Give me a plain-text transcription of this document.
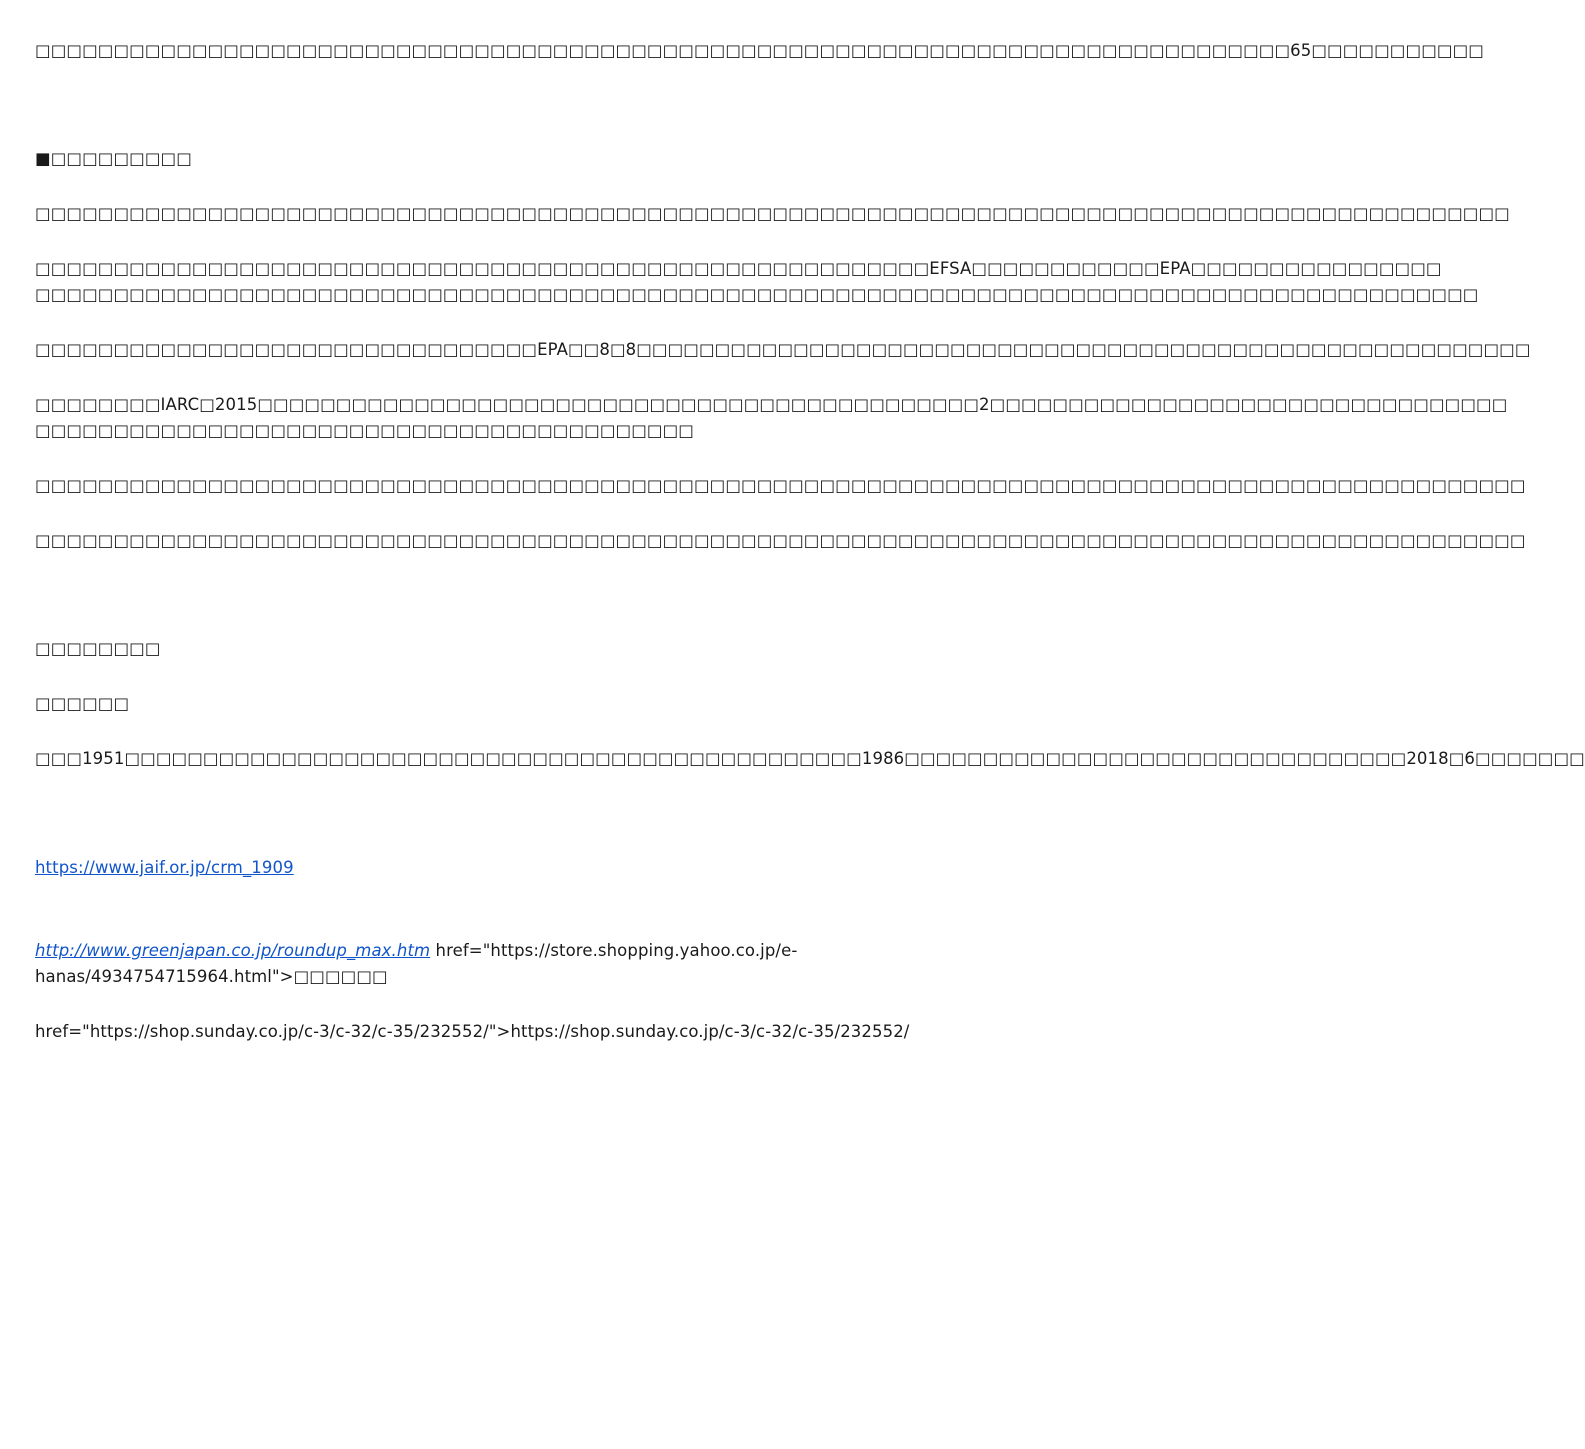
□□□□□□□□□□□□□□□□□□□□□□□□□□□□□□□□□□□□□□□□□□□□□□□□□□□□□□□□□□□□□□□□□□□□□□□□□□□□□□□□65□□□□□□□□□□□
■□□□□□□□□□
□□□□□□□□□□□□□□□□□□□□□□□□□□□□□□□□□□□□□□□□□□□□□□□□□□□□□□□□□□□□□□□□□□□□□□□□□□□□□□□□□□□□□□□□□□□□□□
□□□□□□□□□□□□□□□□□□□□□□□□□□□□□□□□□□□□□□□□□□□□□□□□□□□□□□□□□EFSA□□□□□□□□□□□□EPA□□□□□□□□□□□□□□□□
□□□□□□□□□□□□□□□□□□□□□□□□□□□□□□□□□□□□□□□□□□□□□□□□□□□□□□□□□□□□□□□□□□□□□□□□□□□□□□□□□□□□□□□□□□□□
□□□□□□□□□□□□□□□□□□□□□□□□□□□□□□□□EPA□□8□8□□□□□□□□□□□□□□□□□□□□□□□□□□□□□□□□□□□□□□□□□□□□□□□□□□□□□□□□□
□□□□□□□□IARC□2015□□□□□□□□□□□□□□□□□□□□□□□□□□□□□□□□□□□□□□□□□□□□□□2□□□□□□□□□□□□□□□□□□□□□□□□□□□□□□□□□
□□□□□□□□□□□□□□□□□□□□□□□□□□□□□□□□□□□□□□□□□□
□□□□□□□□□□□□□□□□□□□□□□□□□□□□□□□□□□□□□□□□□□□□□□□□□□□□□□□□□□□□□□□□□□□□□□□□□□□□□□□□□□□□□□□□□□□□□□□
□□□□□□□□□□□□□□□□□□□□□□□□□□□□□□□□□□□□□□□□□□□□□□□□□□□□□□□□□□□□□□□□□□□□□□□□□□□□□□□□□□□□□□□□□□□□□□□
□□□□□□□□
□□□□□□
□□□1951□□□□□□□□□□□□□□□□□□□□□□□□□□□□□□□□□□□□□□□□□□□□□□□1986□□□□□□□□□□□□□□□□□□□□□□□□□□□□□□□□2018□6□□□□□□□
https://www.jaif.or.jp/crm_1909
http://www.greenjapan.co.jp/roundup_max.htm href="https://store.shopping.yahoo.co.jp/e-
hanas/4934754715964.html">□□□□□□
href="https://shop.sunday.co.jp/c-3/c-32/c-35/232552/">https://shop.sunday.co.jp/c-3/c-32/c-35/232552/
